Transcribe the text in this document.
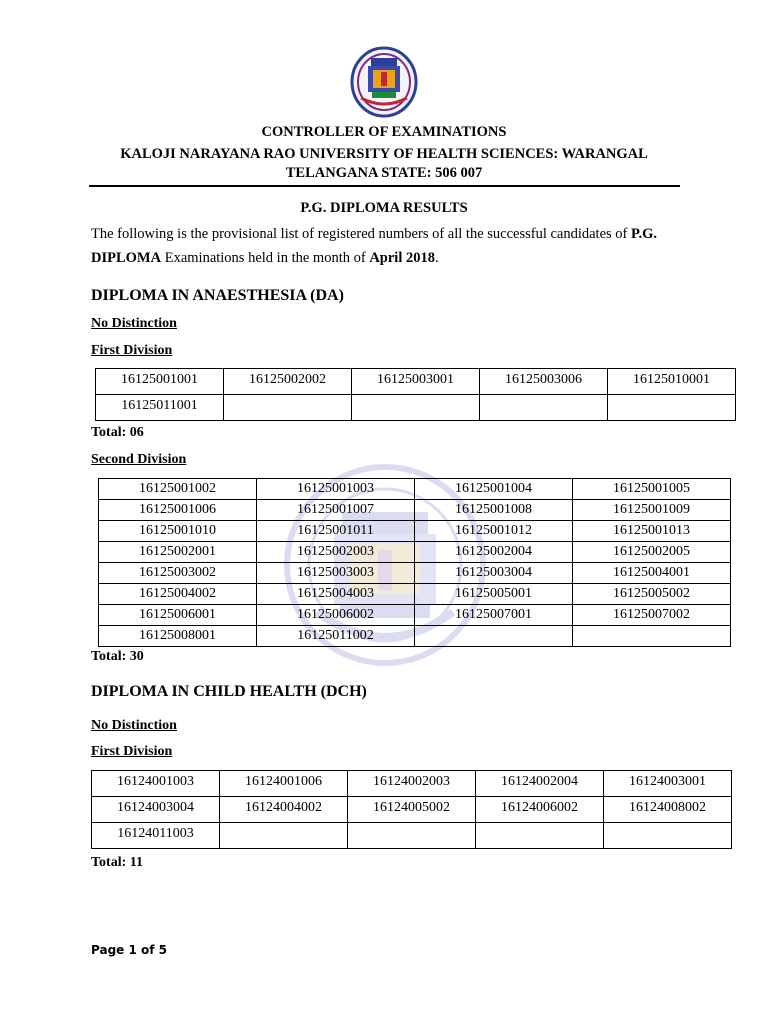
CONTROLLER OF EXAMINATIONS
KALOJI NARAYANA RAO UNIVERSITY OF HEALTH SCIENCES: WARANGAL
TELANGANA STATE: 506 007
P.G. DIPLOMA RESULTS
The following is the provisional list of registered numbers of all the successful candidates of P.G. DIPLOMA Examinations held in the month of April 2018.
DIPLOMA IN ANAESTHESIA (DA)
No Distinction
First Division
16125001001	16125002002	16125003001	16125003006	16125010001
16125011001				
Total: 06
Second Division
16125001002	16125001003	16125001004	16125001005
16125001006	16125001007	16125001008	16125001009
16125001010	16125001011	16125001012	16125001013
16125002001	16125002003	16125002004	16125002005
16125003002	16125003003	16125003004	16125004001
16125004002	16125004003	16125005001	16125005002
16125006001	16125006002	16125007001	16125007002
16125008001	16125011002		
Total: 30
DIPLOMA IN CHILD HEALTH (DCH)
No Distinction
First Division
16124001003	16124001006	16124002003	16124002004	16124003001
16124003004	16124004002	16124005002	16124006002	16124008002
16124011003				
Total: 11
Page 1 of 5
